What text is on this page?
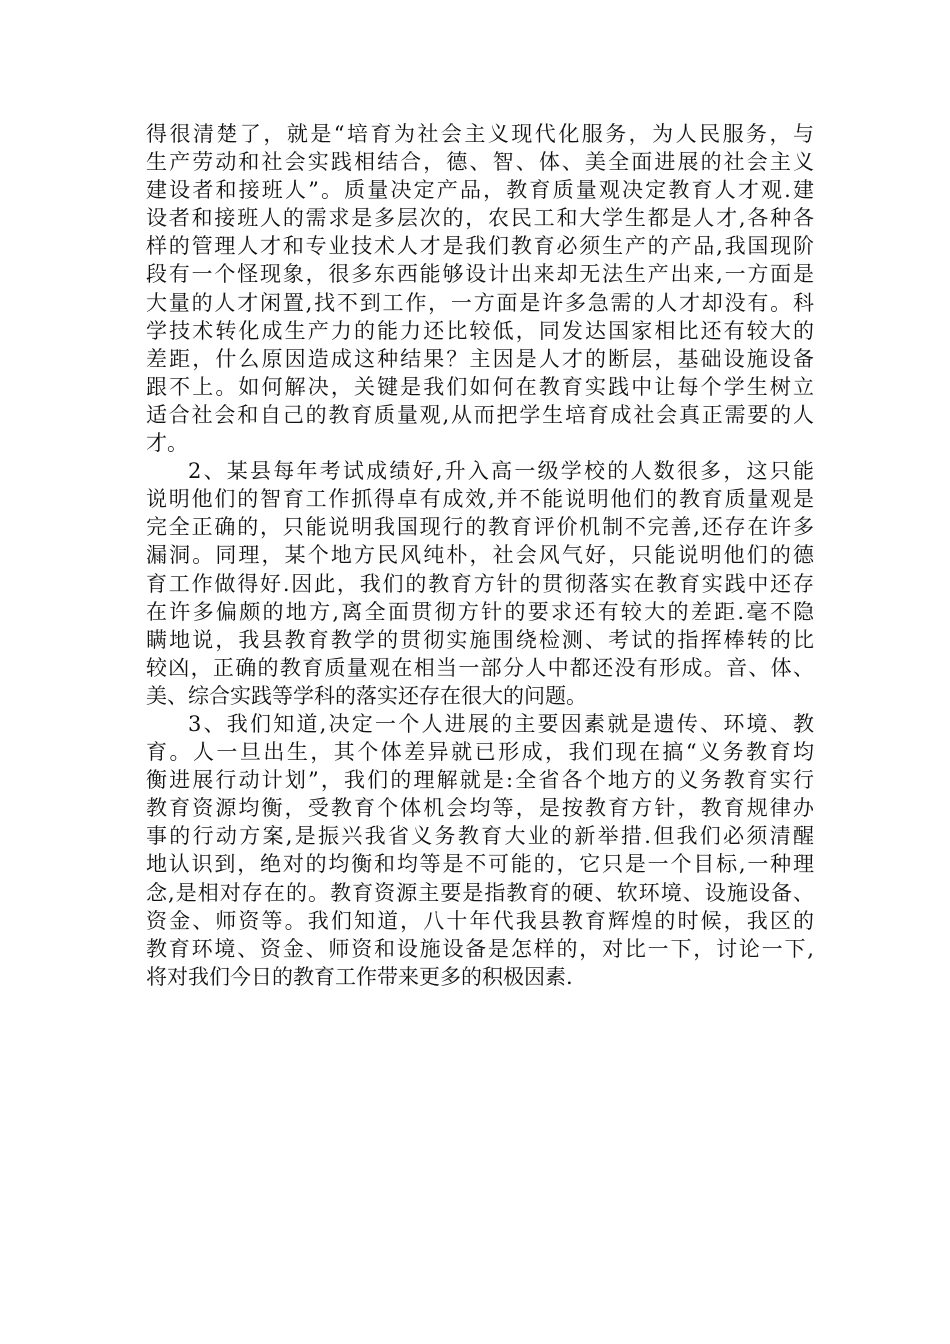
得很清楚了，就是“培育为社会主义现代化服务，为人民服务，与
生产劳动和社会实践相结合，德、智、体、美全面进展的社会主义
建设者和接班人”。质量决定产品，教育质量观决定教育人才观.建
设者和接班人的需求是多层次的，农民工和大学生都是人才,各种各
样的管理人才和专业技术人才是我们教育必须生产的产品,我国现阶
段有一个怪现象，很多东西能够设计出来却无法生产出来,一方面是
大量的人才闲置,找不到工作，一方面是许多急需的人才却没有。科
学技术转化成生产力的能力还比较低，同发达国家相比还有较大的
差距，什么原因造成这种结果？主因是人才的断层，基础设施设备
跟不上。如何解决，关键是我们如何在教育实践中让每个学生树立
适合社会和自己的教育质量观,从而把学生培育成社会真正需要的人
才。
2、某县每年考试成绩好,升入高一级学校的人数很多，这只能
说明他们的智育工作抓得卓有成效,并不能说明他们的教育质量观是
完全正确的，只能说明我国现行的教育评价机制不完善,还存在许多
漏洞。同理，某个地方民风纯朴，社会风气好，只能说明他们的德
育工作做得好.因此，我们的教育方针的贯彻落实在教育实践中还存
在许多偏颇的地方,离全面贯彻方针的要求还有较大的差距.毫不隐
瞒地说，我县教育教学的贯彻实施围绕检测、考试的指挥棒转的比
较凶，正确的教育质量观在相当一部分人中都还没有形成。音、体、
美、综合实践等学科的落实还存在很大的问题。
3、我们知道,决定一个人进展的主要因素就是遗传、环境、教
育。人一旦出生，其个体差异就已形成，我们现在搞“义务教育均
衡进展行动计划”，我们的理解就是:全省各个地方的义务教育实行
教育资源均衡，受教育个体机会均等，是按教育方针，教育规律办
事的行动方案,是振兴我省义务教育大业的新举措.但我们必须清醒
地认识到，绝对的均衡和均等是不可能的，它只是一个目标,一种理
念,是相对存在的。教育资源主要是指教育的硬、软环境、设施设备、
资金、师资等。我们知道，八十年代我县教育辉煌的时候，我区的
教育环境、资金、师资和设施设备是怎样的，对比一下，讨论一下,
将对我们今日的教育工作带来更多的积极因素.
